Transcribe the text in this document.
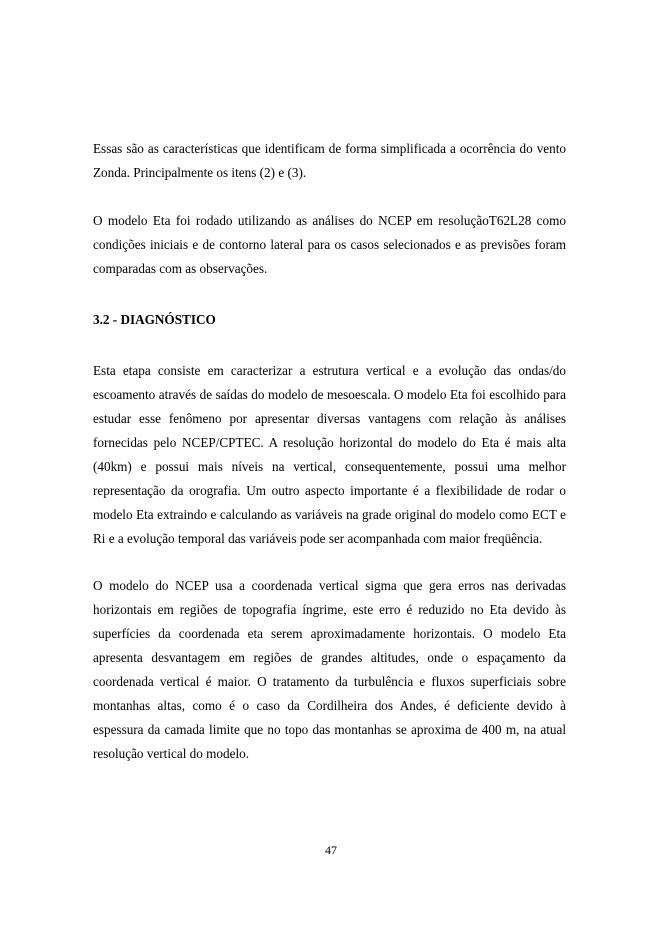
Essas são as características que identificam de forma simplificada a ocorrência do vento Zonda. Principalmente os itens (2) e (3).

O modelo Eta foi rodado utilizando as análises do NCEP em resoluçãoT62L28 como condições iniciais e de contorno lateral para os casos selecionados e as previsões foram comparadas com as observações.

3.2 - DIAGNÓSTICO

Esta etapa consiste em caracterizar a estrutura vertical e a evolução das ondas/do escoamento através de saídas do modelo de mesoescala. O modelo Eta foi escolhido para estudar esse fenômeno por apresentar diversas vantagens com relação às análises fornecidas pelo NCEP/CPTEC. A resolução horizontal do modelo do Eta é mais alta (40km) e possui mais níveis na vertical, consequentemente, possui uma melhor representação da orografia. Um outro aspecto importante é a flexibilidade de rodar o modelo Eta extraindo e calculando as variáveis na grade original do modelo como ECT e Ri e a evolução temporal das variáveis pode ser acompanhada com maior freqüência.

O modelo do NCEP usa a coordenada vertical sigma que gera erros nas derivadas horizontais em regiões de topografia íngrime, este erro é reduzido no Eta devido às superfícies da coordenada eta serem aproximadamente horizontais. O modelo Eta apresenta desvantagem em regiões de grandes altitudes, onde o espaçamento da coordenada vertical é maior. O tratamento da turbulência e fluxos superficiais sobre montanhas altas, como é o caso da Cordilheira dos Andes, é deficiente devido à espessura da camada limite que no topo das montanhas se aproxima de 400 m, na atual resolução vertical do modelo.

47
